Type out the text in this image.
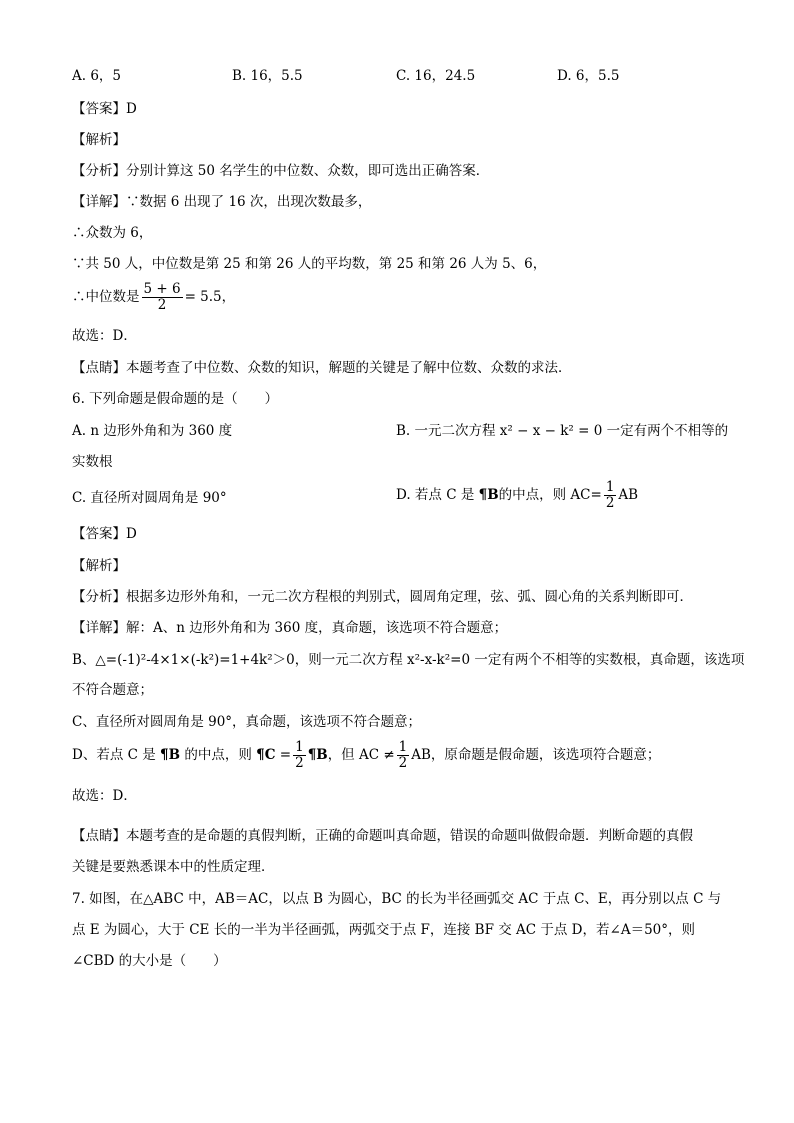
A. 6，5	B. 16，5.5	C. 16，24.5	D. 6，5.5
【答案】D
【解析】
【分析】分别计算这 50 名学生的中位数、众数，即可选出正确答案．
【详解】∵数据 6 出现了 16 次，出现次数最多，
∴众数为 6，
∵共 50 人，中位数是第 25 和第 26 人的平均数，第 25 和第 26 人为 5、6，
∴中位数是 $\frac{5 + 6}{2} = 5.5$，
故选：D．
【点睛】本题考查了中位数、众数的知识，解题的关键是了解中位数、众数的求法．
6. 下列命题是假命题的是（　　）
A. n 边形外角和为 360 度	B. 一元二次方程 x² − x − k² = 0 一定有两个不相等的
实数根
C. 直径所对圆周角是 90°	D. 若点 C 是 ¶B的中点，则 $AC= \frac{1}{2}$ AB
【答案】D
【解析】
【分析】根据多边形外角和，一元二次方程根的判别式，圆周角定理，弦、弧、圆心角的关系判断即可．
【详解】解：A、n 边形外角和为 360 度，真命题，该选项不符合题意；
B、△=(-1)²-4×1×(-k²)=1+4k²＞0，则一元二次方程 x²-x-k²=0 一定有两个不相等的实数根，真命题，该选项
不符合题意；
C、直径所对圆周角是 90°，真命题，该选项不符合题意；
D、若点 C 是 ¶B 的中点，则 ¶C = $\frac{1}{2}$ ¶B，但 AC ≠ $\frac{1}{2}$ AB，原命题是假命题，该选项符合题意；
故选：D．
【点睛】本题考查的是命题的真假判断，正确的命题叫真命题，错误的命题叫做假命题．判断命题的真假
关键是要熟悉课本中的性质定理．
7. 如图，在△ABC 中，AB＝AC，以点 B 为圆心，BC 的长为半径画弧交 AC 于点 C、E，再分别以点 C 与
点 E 为圆心，大于 CE 长的一半为半径画弧，两弧交于点 F，连接 BF 交 AC 于点 D，若∠A＝50°，则
∠CBD 的大小是（　　）
